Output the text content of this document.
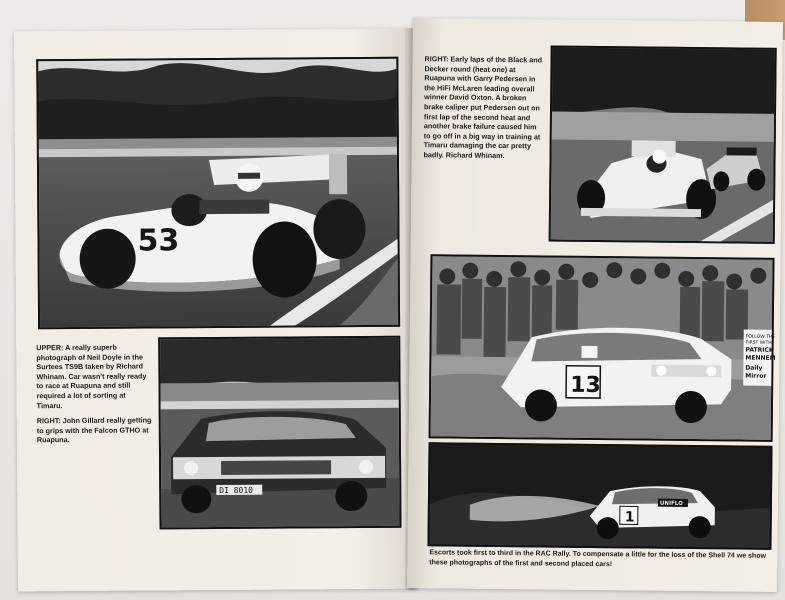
53
DI 8010

UPPER: A really superb photograph of Neil Doyle in the Surtees TS9B taken by Richard Whinam. Car wasn't really ready to race at Ruapuna and still required a lot of sorting at Timaru.

RIGHT: John Gillard really getting to grips with the Falcon GTHO at Ruapuna.

RIGHT: Early laps of the Black and Decker round (heat one) at Ruapuna with Garry Pedersen in the HiFi McLaren leading overall winner David Oxton. A broken brake caliper put Pedersen out on first lap of the second heat and another brake failure caused him to go off in a big way in training at Timaru damaging the car pretty badly. Richard Whinam.

FOLLOW THE
FIRST WITH
PATRICK
MENNEM
Daily
Mirror
13
1
UNIFLO

Escorts took first to third in the RAC Rally. To compensate a little for the loss of the Shell 74 we show these photographs of the first and second placed cars!
